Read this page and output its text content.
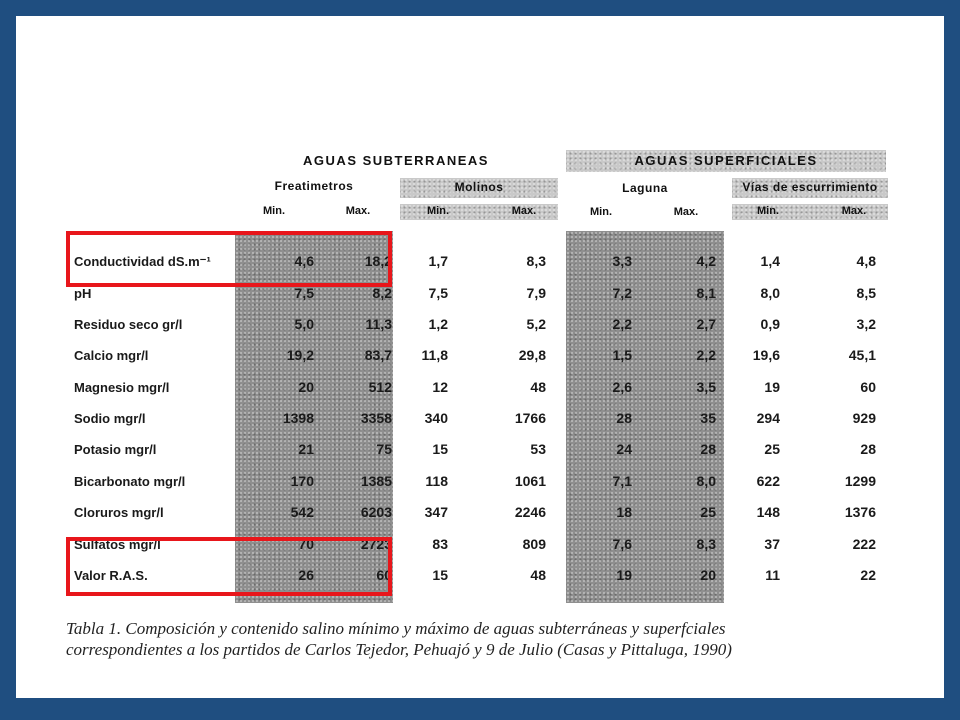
AGUAS SUBTERRANEAS	AGUAS SUPERFICIALES
Freatimetros	Molinos	Laguna	Vías de escurrimiento
Min.	Max.	Min.	Max.	Min.	Max.	Min.	Max.
Conductividad dS.m⁻¹	4,6	18,2	1,7	8,3	3,3	4,2	1,4	4,8
pH	7,5	8,2	7,5	7,9	7,2	8,1	8,0	8,5
Residuo seco gr/l	5,0	11,3	1,2	5,2	2,2	2,7	0,9	3,2
Calcio mgr/l	19,2	83,7	11,8	29,8	1,5	2,2	19,6	45,1
Magnesio mgr/l	20	512	12	48	2,6	3,5	19	60
Sodio mgr/l	1398	3358	340	1766	28	35	294	929
Potasio mgr/l	21	75	15	53	24	28	25	28
Bicarbonato mgr/l	170	1385	118	1061	7,1	8,0	622	1299
Cloruros mgr/l	542	6203	347	2246	18	25	148	1376
Sulfatos mgr/l	70	2723	83	809	7,6	8,3	37	222
Valor R.A.S.	26	60	15	48	19	20	11	22
Tabla 1. Composición y contenido salino mínimo y máximo de aguas subterráneas y superfciales
correspondientes a los partidos de Carlos Tejedor, Pehuajó y 9 de Julio (Casas y Pittaluga, 1990)
